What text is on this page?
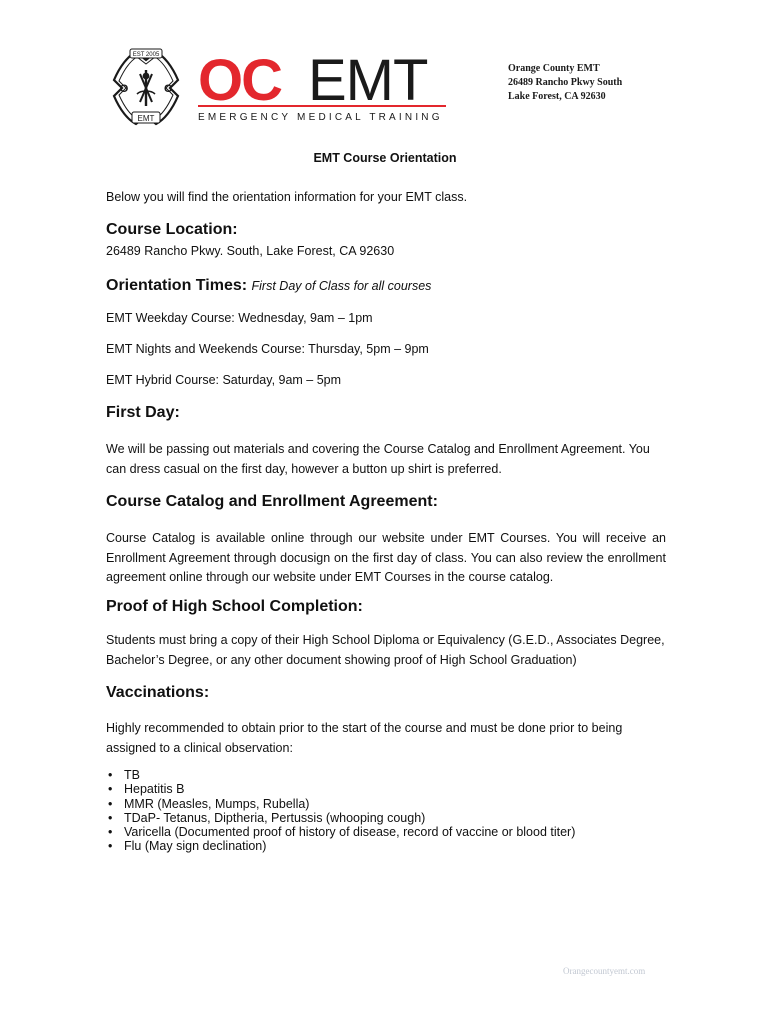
EST 2005
O	C
EMT
OC EMT
EMERGENCY MEDICAL TRAINING
Orange County EMT
26489 Rancho Pkwy South
Lake Forest, CA 92630
EMT Course Orientation
Below you will find the orientation information for your EMT class.
Course Location:
26489 Rancho Pkwy. South, Lake Forest, CA 92630
Orientation Times: First Day of Class for all courses
EMT Weekday Course: Wednesday, 9am – 1pm
EMT Nights and Weekends Course: Thursday, 5pm – 9pm
EMT Hybrid Course: Saturday, 9am – 5pm
First Day:
We will be passing out materials and covering the Course Catalog and Enrollment Agreement. You can dress casual on the first day, however a button up shirt is preferred.
Course Catalog and Enrollment Agreement:
Course Catalog is available online through our website under EMT Courses. You will receive an Enrollment Agreement through docusign on the first day of class. You can also review the enrollment agreement online through our website under EMT Courses in the course catalog.
Proof of High School Completion:
Students must bring a copy of their High School Diploma or Equivalency (G.E.D., Associates Degree, Bachelor’s Degree, or any other document showing proof of High School Graduation)
Vaccinations:
Highly recommended to obtain prior to the start of the course and must be done prior to being assigned to a clinical observation:
• TB
• Hepatitis B
• MMR (Measles, Mumps, Rubella)
• TDaP- Tetanus, Diptheria, Pertussis (whooping cough)
• Varicella (Documented proof of history of disease, record of vaccine or blood titer)
• Flu (May sign declination)
Orangecountyemt.com
